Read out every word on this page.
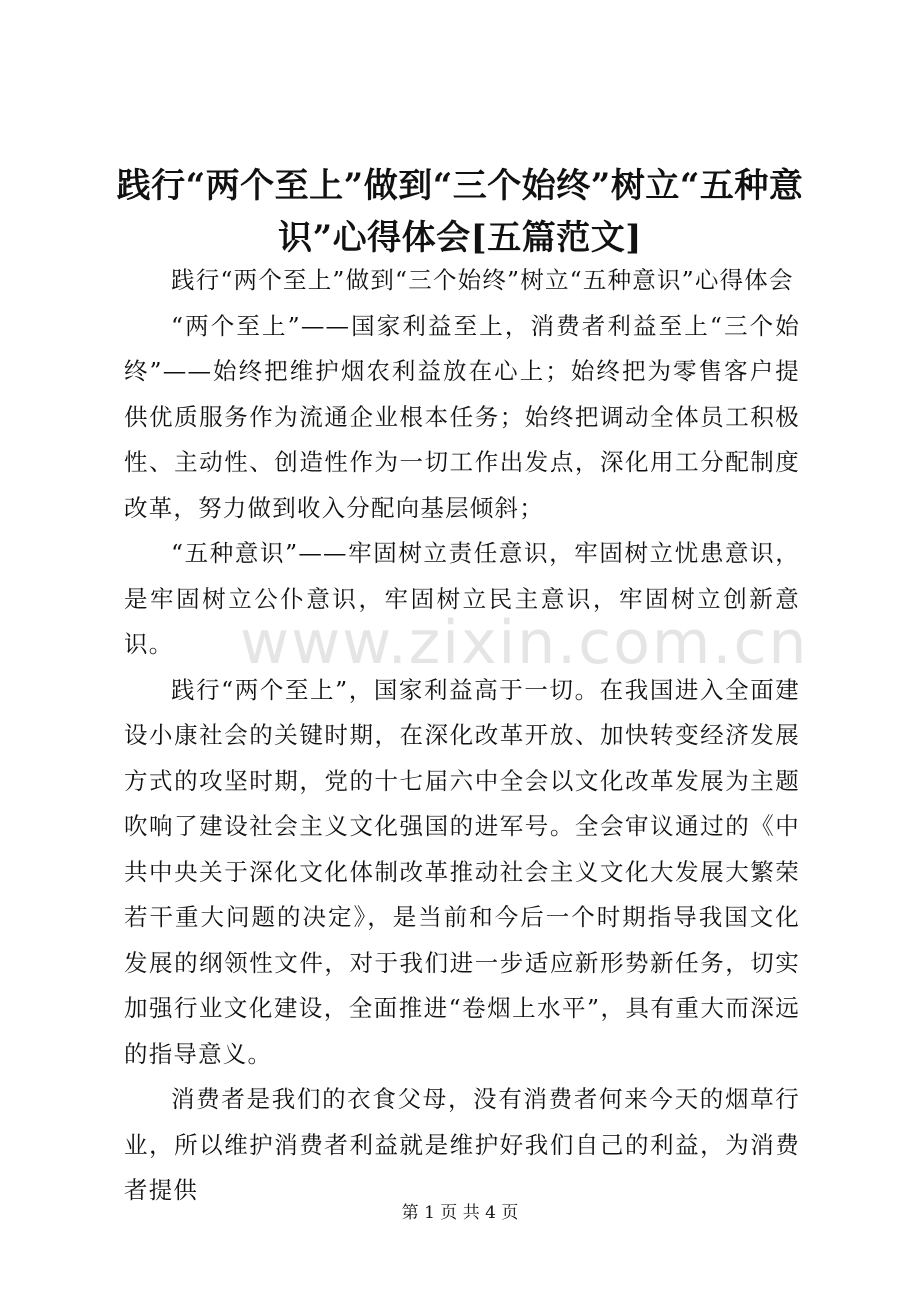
践行“两个至上”做到“三个始终”树立“五种意识”心得体会[五篇范文]

践行“两个至上”做到“三个始终”树立“五种意识”心得体会

“两个至上”——国家利益至上，消费者利益至上“三个始终”——始终把维护烟农利益放在心上；始终把为零售客户提供优质服务作为流通企业根本任务；始终把调动全体员工积极性、主动性、创造性作为一切工作出发点，深化用工分配制度改革，努力做到收入分配向基层倾斜；

“五种意识”——牢固树立责任意识，牢固树立忧患意识，是牢固树立公仆意识，牢固树立民主意识，牢固树立创新意识。

践行“两个至上”，国家利益高于一切。在我国进入全面建设小康社会的关键时期，在深化改革开放、加快转变经济发展方式的攻坚时期，党的十七届六中全会以文化改革发展为主题吹响了建设社会主义文化强国的进军号。全会审议通过的《中共中央关于深化文化体制改革推动社会主义文化大发展大繁荣若干重大问题的决定》，是当前和今后一个时期指导我国文化发展的纲领性文件，对于我们进一步适应新形势新任务，切实加强行业文化建设，全面推进“卷烟上水平”，具有重大而深远的指导意义。

消费者是我们的衣食父母，没有消费者何来今天的烟草行业，所以维护消费者利益就是维护好我们自己的利益，为消费者提供

www.zixin.com.cn
第 1 页 共 4 页
